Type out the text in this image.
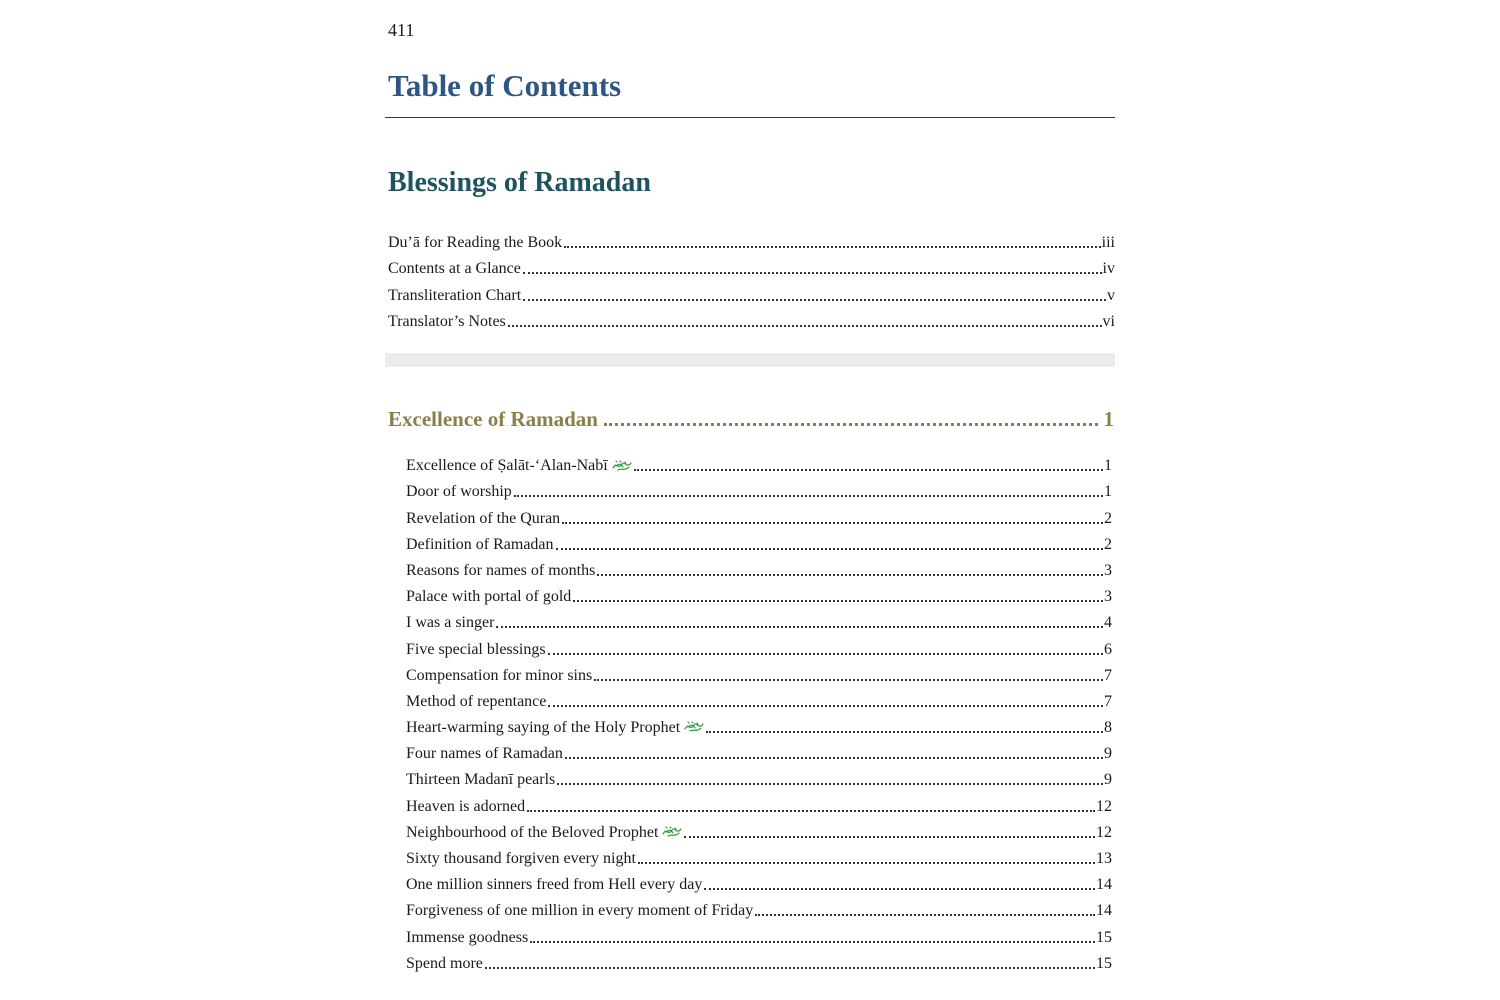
411
Table of Contents
Blessings of Ramadan
Du’ā for Reading the Book	iii
Contents at a Glance	iv
Transliteration Chart	v
Translator’s Notes	vi
Excellence of Ramadan	1
Excellence of Ṣalāt-‘Alan-Nabī	1
Door of worship	1
Revelation of the Quran	2
Definition of Ramadan	2
Reasons for names of months	3
Palace with portal of gold	3
I was a singer	4
Five special blessings	6
Compensation for minor sins	7
Method of repentance	7
Heart-warming saying of the Holy Prophet	8
Four names of Ramadan	9
Thirteen Madanī pearls	9
Heaven is adorned	12
Neighbourhood of the Beloved Prophet	12
Sixty thousand forgiven every night	13
One million sinners freed from Hell every day	14
Forgiveness of one million in every moment of Friday	14
Immense goodness	15
Spend more	15
